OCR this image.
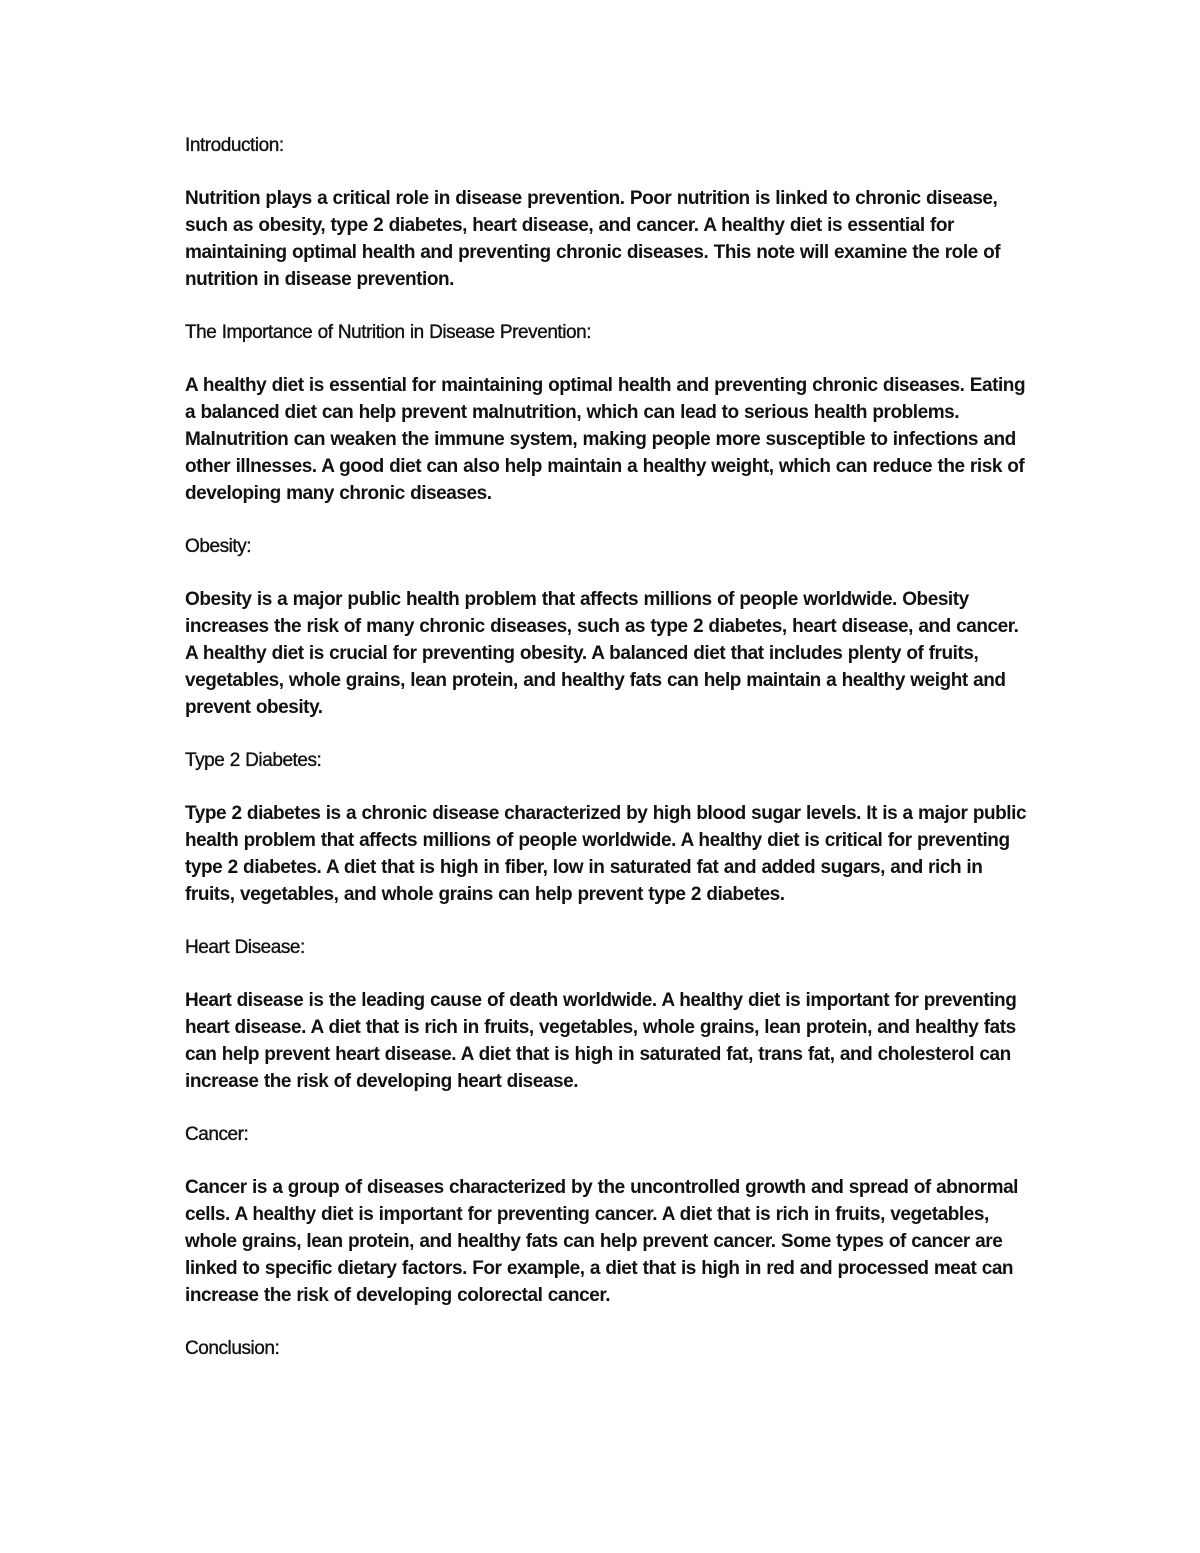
Introduction:
Nutrition plays a critical role in disease prevention. Poor nutrition is linked to chronic disease, such as obesity, type 2 diabetes, heart disease, and cancer. A healthy diet is essential for maintaining optimal health and preventing chronic diseases. This note will examine the role of nutrition in disease prevention.
The Importance of Nutrition in Disease Prevention:
A healthy diet is essential for maintaining optimal health and preventing chronic diseases. Eating a balanced diet can help prevent malnutrition, which can lead to serious health problems. Malnutrition can weaken the immune system, making people more susceptible to infections and other illnesses. A good diet can also help maintain a healthy weight, which can reduce the risk of developing many chronic diseases.
Obesity:
Obesity is a major public health problem that affects millions of people worldwide. Obesity increases the risk of many chronic diseases, such as type 2 diabetes, heart disease, and cancer. A healthy diet is crucial for preventing obesity. A balanced diet that includes plenty of fruits, vegetables, whole grains, lean protein, and healthy fats can help maintain a healthy weight and prevent obesity.
Type 2 Diabetes:
Type 2 diabetes is a chronic disease characterized by high blood sugar levels. It is a major public health problem that affects millions of people worldwide. A healthy diet is critical for preventing type 2 diabetes. A diet that is high in fiber, low in saturated fat and added sugars, and rich in fruits, vegetables, and whole grains can help prevent type 2 diabetes.
Heart Disease:
Heart disease is the leading cause of death worldwide. A healthy diet is important for preventing heart disease. A diet that is rich in fruits, vegetables, whole grains, lean protein, and healthy fats can help prevent heart disease. A diet that is high in saturated fat, trans fat, and cholesterol can increase the risk of developing heart disease.
Cancer:
Cancer is a group of diseases characterized by the uncontrolled growth and spread of abnormal cells. A healthy diet is important for preventing cancer. A diet that is rich in fruits, vegetables, whole grains, lean protein, and healthy fats can help prevent cancer. Some types of cancer are linked to specific dietary factors. For example, a diet that is high in red and processed meat can increase the risk of developing colorectal cancer.
Conclusion:
